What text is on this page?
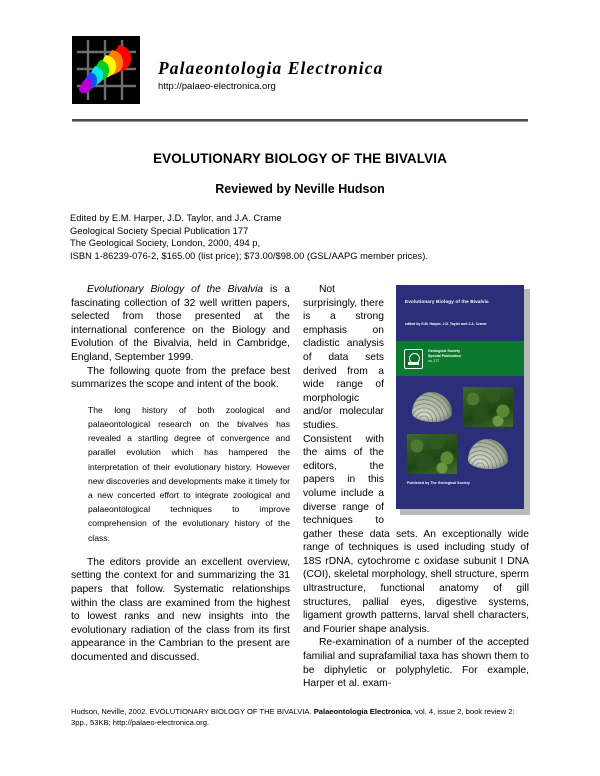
Palaeontologia Electronica
http://palaeo-electronica.org
EVOLUTIONARY BIOLOGY OF THE BIVALVIA
Reviewed by Neville Hudson
Edited by E.M. Harper, J.D. Taylor, and J.A. Crame
Geological Society Special Publication 177
The Geological Society, London, 2000, 494 p,
ISBN 1-86239-076-2, $165.00 (list price); $73.00/$98.00 (GSL/AAPG member prices).

Evolutionary Biology of the Bivalvia is a fascinating collection of 32 well written papers, selected from those presented at the international conference on the Biology and Evolution of the Bivalvia, held in Cambridge, England, September 1999.

The following quote from the preface best summarizes the scope and intent of the book.

The long history of both zoological and palaeontological research on the bivalves has revealed a startling degree of convergence and parallel evolution which has hampered the interpretation of their evolutionary history. However new discoveries and developments make it timely for a new concerted effort to integrate zoological and palaeontological techniques to improve comprehension of the evolutionary history of the class.

The editors provide an excellent overview, setting the context for and summarizing the 31 papers that follow. Systematic relationships within the class are examined from the highest to lowest ranks and new insights into the evolutionary radiation of the class from its first appearance in the Cambrian to the present are documented and discussed.

Not surprisingly, there is a strong emphasis on cladistic analysis of data sets derived from a wide range of morphologic and/or molecular studies. Consistent with the aims of the editors, the papers in this volume include a diverse range of techniques to gather these data sets. An exceptionally wide range of techniques is used including study of 18S rDNA, cytochrome c oxidase subunit I DNA (COI), skeletal morphology, shell structure, sperm ultrastructure, functional anatomy of gill structures, pallial eyes, digestive systems, ligament growth patterns, larval shell characters, and Fourier shape analysis.

Re-examination of a number of the accepted familial and suprafamilial taxa has shown them to be diphyletic or polyphyletic. For example, Harper et al. exam-

Evolutionary Biology of the Bivalvia
edited by E.M. Harper, J.D. Taylor and J.A. Crame
Geological Society
Special Publication
no. 177
Published by The Geological Society
Hudson, Neville, 2002. EVOLUTIONARY BIOLOGY OF THE BIVALVIA. Palaeontologia Electronica, vol. 4, issue 2, book review 2: 3pp., 53KB; http://palaeo-electronica.org.
